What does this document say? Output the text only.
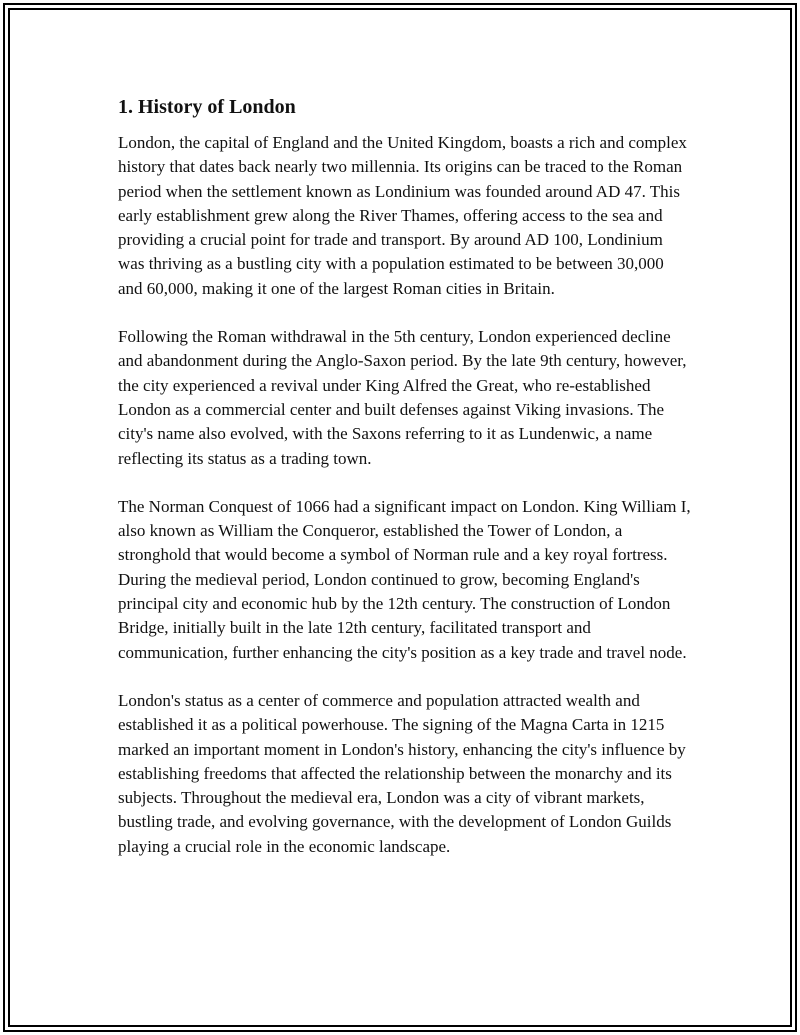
1. History of London

London, the capital of England and the United Kingdom, boasts a rich and complex history that dates back nearly two millennia. Its origins can be traced to the Roman period when the settlement known as Londinium was founded around AD 47. This early establishment grew along the River Thames, offering access to the sea and providing a crucial point for trade and transport. By around AD 100, Londinium was thriving as a bustling city with a population estimated to be between 30,000 and 60,000, making it one of the largest Roman cities in Britain.

Following the Roman withdrawal in the 5th century, London experienced decline and abandonment during the Anglo-Saxon period. By the late 9th century, however, the city experienced a revival under King Alfred the Great, who re-established London as a commercial center and built defenses against Viking invasions. The city's name also evolved, with the Saxons referring to it as Lundenwic, a name reflecting its status as a trading town.

The Norman Conquest of 1066 had a significant impact on London. King William I, also known as William the Conqueror, established the Tower of London, a stronghold that would become a symbol of Norman rule and a key royal fortress. During the medieval period, London continued to grow, becoming England's principal city and economic hub by the 12th century. The construction of London Bridge, initially built in the late 12th century, facilitated transport and communication, further enhancing the city's position as a key trade and travel node.

London's status as a center of commerce and population attracted wealth and established it as a political powerhouse. The signing of the Magna Carta in 1215 marked an important moment in London's history, enhancing the city's influence by establishing freedoms that affected the relationship between the monarchy and its subjects. Throughout the medieval era, London was a city of vibrant markets, bustling trade, and evolving governance, with the development of London Guilds playing a crucial role in the economic landscape.
